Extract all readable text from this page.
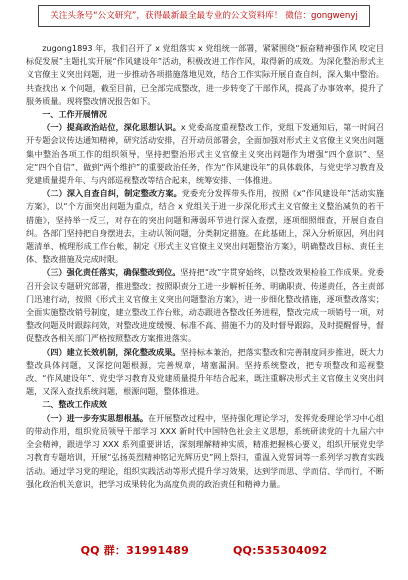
关注头条号“公文研究”，获得最新最全最专业的公文资料库！ 微信：gongwenyj

zugong1893 年，我们召开了 x 党组落实 x 党组统一部署，紧紧围绕“振奋精神强作风 咬定目标促发展”主题扎实开展“作风建设年”活动，积极改进工作作风，取得新的成效。为深化整治形式主义官僚主义突出问题，进一步推动各项措施落地见效，结合工作实际开展自查自纠，深入集中整治。共查找出 x 个问题，截至目前，已全部完成整改，进一步转变了干部作风，提高了办事效率，提升了服务质量。现将整改情况报告如下。

一、工作开展情况

（一）提高政治站位，深化思想认识。x 党委高度重视整改工作，党组下发通知后，第一时间召开专题会议传达通知精神，研究活动安排，召开动员部署会，全面加强对形式主义官僚主义突出问题集中整治各项工作的组织领导，坚持把整治形式主义官僚主义突出问题作为增强“四个意识”、坚定“四个自信”、做到“两个维护”的重要政治任务，作为“作风建设年”的具体载体，与党史学习教育及党建质量提升年、与内部巡视整改等结合起来，统筹安排、一体推进。

（二）深入自查自纠，制定整改方案。党委充分发挥带头作用，按照《x“作风建设年”活动实施方案》，以“个方面突出问题为重点，结合 x 党组关于进一步深化形式主义官僚主义整治减负的若干措施》，坚持举一反三，对存在的突出问题和薄弱环节进行深入查摆，逐项细照细查，开展自查自纠。各部门坚持把自身摆进去，主动认领问题，分类制定措施。在此基础上，深入分析原因，列出问题清单、梳理形成工作台帐，制定《形式主义官僚主义突出问题整治方案》，明确整改目标、责任主体、整改措施及完成时限。

（三）强化责任落实，确保整改到位。坚持把“改”字贯穿始终，以整改效果检验工作成果。党委召开会议专题研究部署，推进整改；按照职责分工进一步解析任务、明确职责、传递责任，各主责部门迅速行动，按照《形式主义官僚主义突出问题整治方案》，进一步细化整改措施，逐项整改落实；全面实施整改销号制度，建立整改工作台账，动态跟进各整改任务进程，整改完成一项销号一项，对整改问题及时跟踪问效，对整改进度缓慢、标准不高、措施不力的及时督导跟踪，及时提醒督导，督促整改各相关部门严格按照整改方案推进落实。

（四）建立长效机制，深化整改成果。坚持标本兼治，把落实整改和完善制度同步推进，既大力整改具体问题，又深挖问题根源，完善规章，堵塞漏洞。坚持系统整改，把专项整改和巡视整改、“作风建设年”、党史学习教育及党建质量提升年结合起来，既注重解决形式主义官僚主义突出问题，又深入查找系统问题，根源问题，整体推进。

二、整改工作成效

（一）进一步夯实思想根基。在开展整改过程中，坚持强化理论学习，发挥党委理论学习中心组的带动作用，组织党员领导干部学习 XXX 新时代中国特色社会主义思想，系统研读党的十九届六中全会精神，跟进学习 XXX 系列重要讲话，深刻理解精神实质，精准把握核心要义，组织开展党史学习教育专题培训，开展“弘扬英烈精神铭记光辉历史”网上祭扫，重温入党誓词等一系列学习教育实践活动。通过学习党的理论，组织实践活动等形式提升学习效果，达到学而思、学而信、学而行，不断强化政治机关意识，把学习成果转化为高度负责的政治责任和精神力量。

QQ 群：31991489	QQ:535304092
